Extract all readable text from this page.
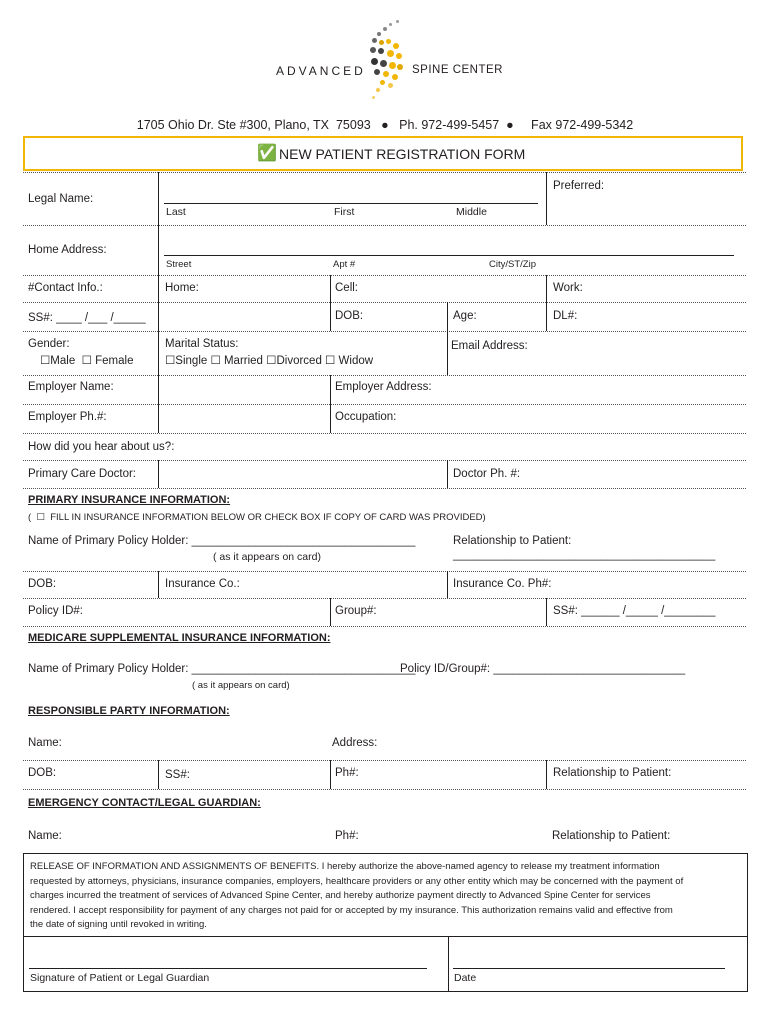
ADVANCED	SPINE CENTER
1705 Ohio Dr. Ste #300, Plano, TX  75093   ●   Ph. 972-499-5457  ●     Fax 972-499-5342
✅ NEW PATIENT REGISTRATION FORM
Legal Name:
Last	First	Middle
Preferred:
Home Address:
Street	Apt #	City/ST/Zip
#Contact Info.:	Home:	Cell:	Work:
SS#: ____ /___ /_____	DOB:	Age:	DL#:
Gender:
☐Male  ☐ Female
Marital Status:
☐Single ☐ Married ☐Divorced ☐ Widow
Email Address:
Employer Name:	Employer Address:
Employer Ph.#:	Occupation:
How did you hear about us?:
Primary Care Doctor:	Doctor Ph. #:
PRIMARY INSURANCE INFORMATION:
(  ☐  FILL IN INSURANCE INFORMATION BELOW OR CHECK BOX IF COPY OF CARD WAS PROVIDED)
Name of Primary Policy Holder: ___________________________________
( as it appears on card)
Relationship to Patient:
_________________________________________
DOB:	Insurance Co.:	Insurance Co. Ph#:
Policy ID#:	Group#:	SS#: ______ /_____ /________
MEDICARE SUPPLEMENTAL INSURANCE INFORMATION:
Name of Primary Policy Holder: ___________________________________
Policy ID/Group#: ______________________________
( as it appears on card)
RESPONSIBLE PARTY INFORMATION:
Name:	Address:
DOB:	SS#:	Ph#:	Relationship to Patient:
EMERGENCY CONTACT/LEGAL GUARDIAN:
Name:	Ph#:	Relationship to Patient:
RELEASE OF INFORMATION AND ASSIGNMENTS OF BENEFITS. I hereby authorize the above-named agency to release my treatment information
requested by attorneys, physicians, insurance companies, employers, healthcare providers or any other entity which may be concerned with the payment of
charges incurred the treatment of services of Advanced Spine Center, and hereby authorize payment directly to Advanced Spine Center for services
rendered. I accept responsibility for payment of any charges not paid for or accepted by my insurance. This authorization remains valid and effective from
the date of signing until revoked in writing.
Signature of Patient or Legal Guardian	Date
